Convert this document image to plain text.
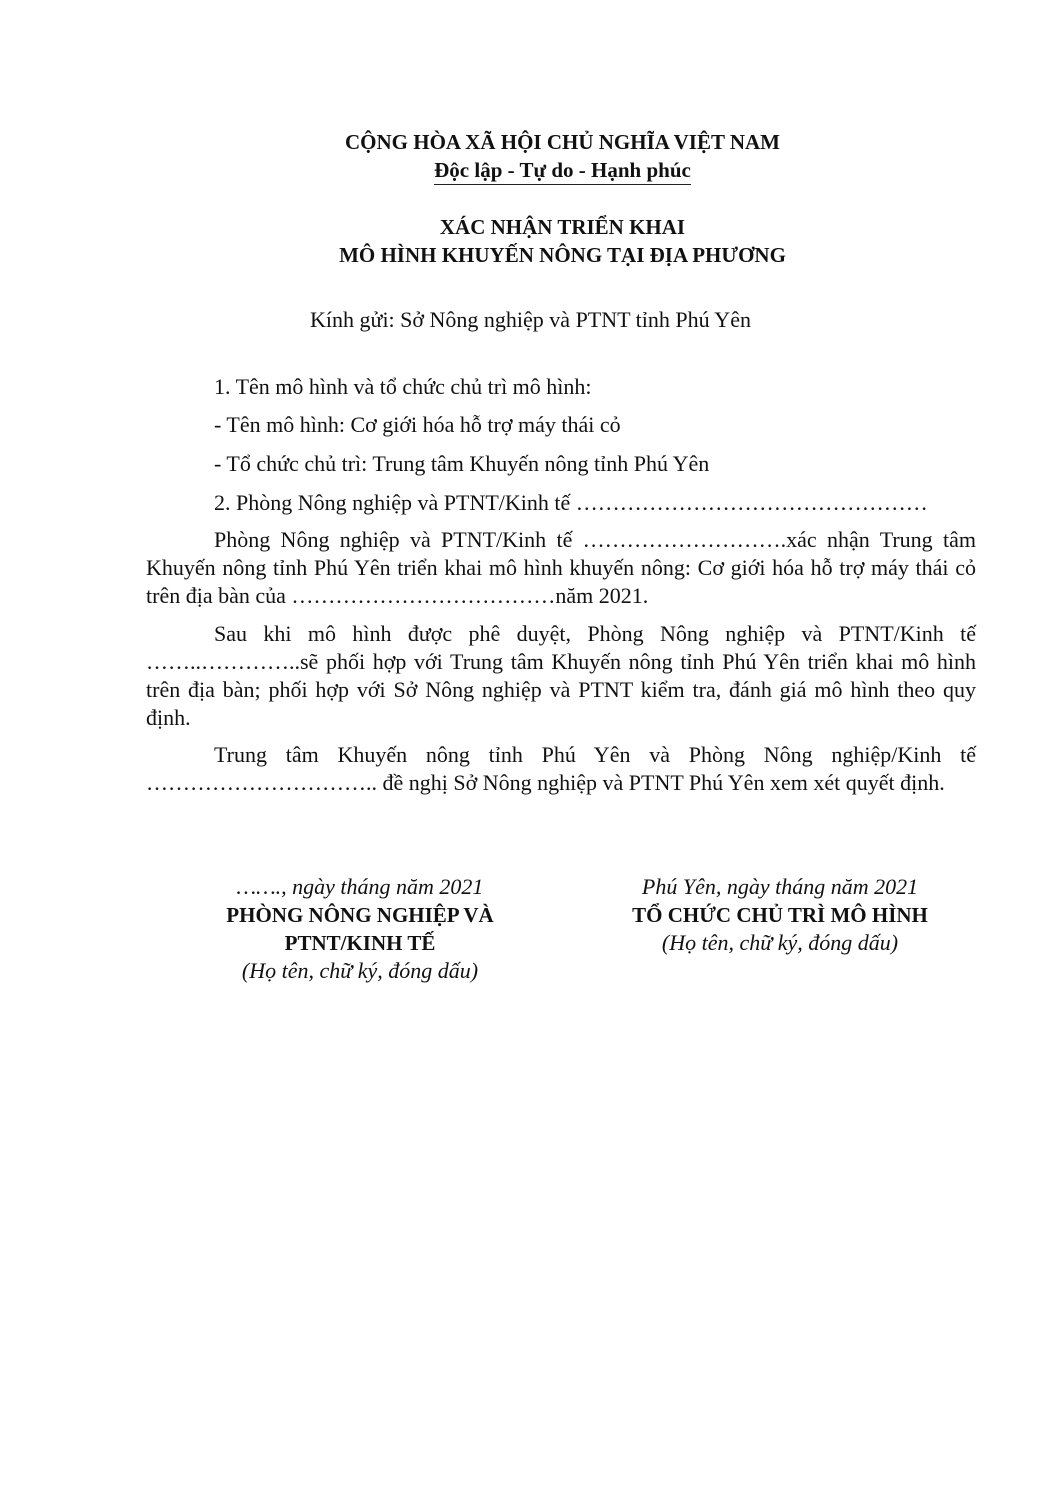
CỘNG HÒA XÃ HỘI CHỦ NGHĨA VIỆT NAM
Độc lập - Tự do - Hạnh phúc
XÁC NHẬN TRIỂN KHAI
MÔ HÌNH KHUYẾN NÔNG TẠI ĐỊA PHƯƠNG
Kính gửi: Sở Nông nghiệp và PTNT tỉnh Phú Yên
1. Tên mô hình và tổ chức chủ trì mô hình:
- Tên mô hình: Cơ giới hóa hỗ trợ máy thái cỏ
- Tổ chức chủ trì: Trung tâm Khuyến nông tỉnh Phú Yên
2. Phòng Nông nghiệp và PTNT/Kinh tế …………………………………………
Phòng Nông nghiệp và PTNT/Kinh tế ……………………….xác nhận Trung tâm Khuyến nông tỉnh Phú Yên triển khai mô hình khuyến nông: Cơ giới hóa hỗ trợ máy thái cỏ trên địa bàn của ………………………………năm 2021.
Sau khi mô hình được phê duyệt, Phòng Nông nghiệp và PTNT/Kinh tế ……..…………..sẽ phối hợp với Trung tâm Khuyến nông tỉnh Phú Yên triển khai mô hình trên địa bàn; phối hợp với Sở Nông nghiệp và PTNT kiểm tra, đánh giá mô hình theo quy định.
Trung tâm Khuyến nông tỉnh Phú Yên và Phòng Nông nghiệp/Kinh tế ………………………….. đề nghị Sở Nông nghiệp và PTNT Phú Yên xem xét quyết định.
……., ngày tháng năm 2021
PHÒNG NÔNG NGHIỆP VÀ
PTNT/KINH TẾ
(Họ tên, chữ ký, đóng dấu)
Phú Yên, ngày tháng năm 2021
TỔ CHỨC CHỦ TRÌ MÔ HÌNH
(Họ tên, chữ ký, đóng dấu)
